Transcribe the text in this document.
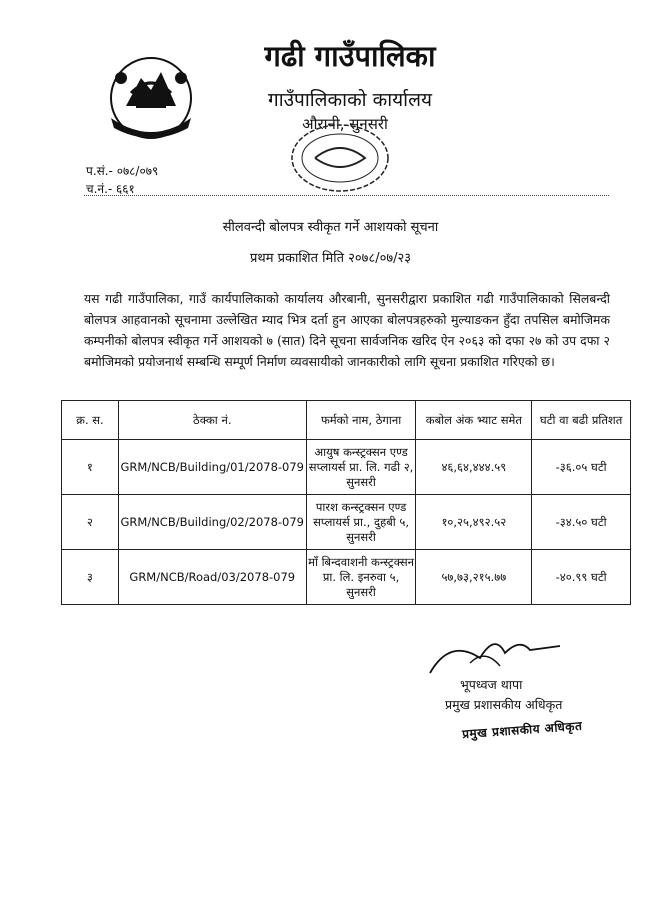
गढी गाउँपालिका
गाउँपालिकाको कार्यालय
औरानी, सुनसरी
प.सं.- ०७८/०७९
च.नं.- ६६१
सीलवन्दी बोलपत्र स्वीकृत गर्ने आशयको सूचना
प्रथम प्रकाशित मिति २०७८/०७/२३
यस गढी गाउँपालिका, गाउँ कार्यपालिकाको कार्यालय औरबानी, सुनसरीद्वारा प्रकाशित गढी गाउँपालिकाको सिलबन्दी बोलपत्र आहवानको सूचनामा उल्लेखित म्याद भित्र दर्ता हुन आएका बोलपत्रहरुको मुल्याङकन हुँदा तपसिल बमोजिमक कम्पनीको बोलपत्र स्वीकृत गर्ने आशयको ७ (सात) दिने सूचना सार्वजनिक खरिद ऐन २०६३ को दफा २७ को उप दफा २ बमोजिमको प्रयोजनार्थ सम्बन्धि सम्पूर्ण निर्माण व्यवसायीको जानकारीको लागि सूचना प्रकाशित गरिएको छ।
क्र. स.	ठेक्का नं.	फर्मको नाम, ठेगाना	कबोल अंक भ्याट समेत	घटी वा बढी प्रतिशत
१	GRM/NCB/Building/01/2078-079	आयुष कन्स्ट्रक्सन एण्ड सप्लायर्स प्रा. लि. गढी २, सुनसरी	४६,६४,४४४.५९	-३६.०५ घटी
२	GRM/NCB/Building/02/2078-079	पारश कन्स्ट्रक्सन एण्ड सप्लायर्स प्रा., दुहबी ५, सुनसरी	१०,२५,४९२.५२	-३४.५० घटी
३	GRM/NCB/Road/03/2078-079	माँ बिन्दवाशनी कन्स्ट्रक्सन प्रा. लि. इनरुवा ५, सुनसरी	५७,७३,२१५.७७	-४०.९९ घटी
भूपध्वज थापा
प्रमुख प्रशासकीय अधिकृत
प्रमुख प्रशासकीय अधिकृत
